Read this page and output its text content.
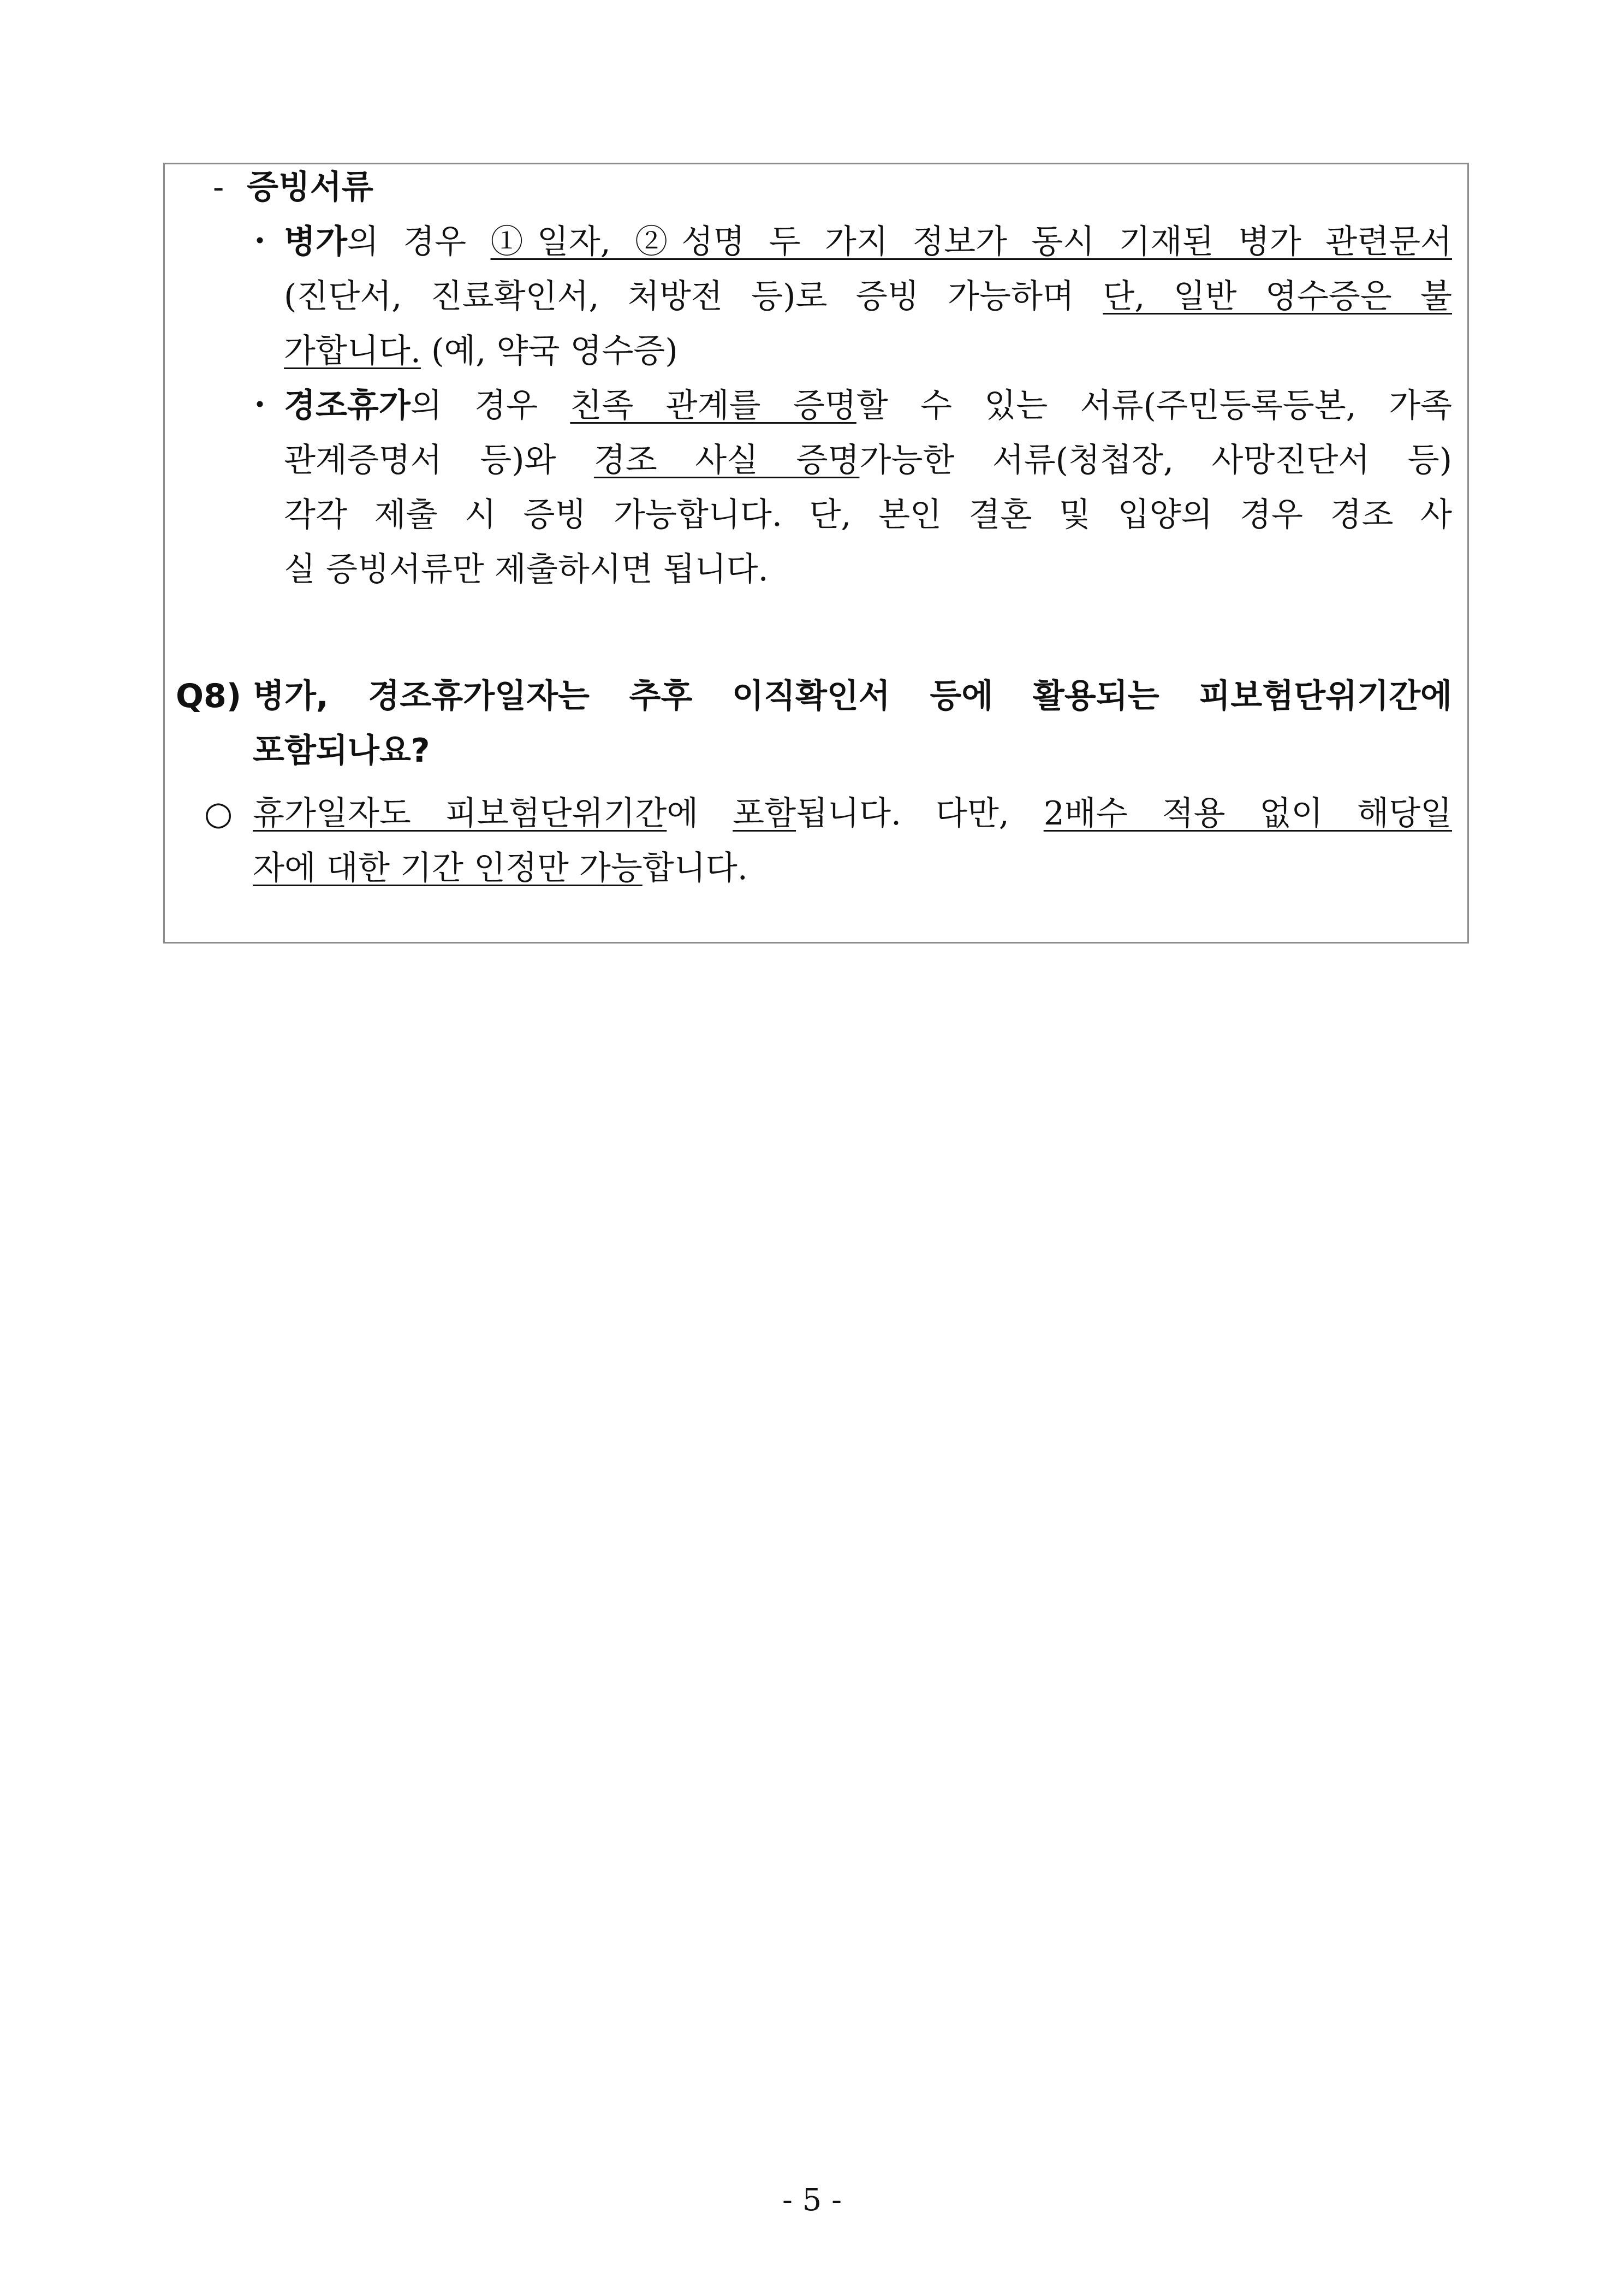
- 증빙서류
・ 병가의 경우 ①일자, ②성명 두 가지 정보가 동시 기재된 병가 관련문서
(진단서, 진료확인서, 처방전 등)로 증빙 가능하며 단, 일반 영수증은 불
가합니다. (예, 약국 영수증)
・ 경조휴가의 경우 친족 관계를 증명할 수 있는 서류(주민등록등본, 가족
관계증명서 등)와 경조 사실 증명가능한 서류(청첩장, 사망진단서 등)
각각 제출 시 증빙 가능합니다. 단, 본인 결혼 및 입양의 경우 경조 사
실 증빙서류만 제출하시면 됩니다.
Q8) 병가, 경조휴가일자는 추후 이직확인서 등에 활용되는 피보험단위기간에
포함되나요?
○ 휴가일자도 피보험단위기간에 포함됩니다. 다만, 2배수 적용 없이 해당일
자에 대한 기간 인정만 가능합니다.
- 5 -
